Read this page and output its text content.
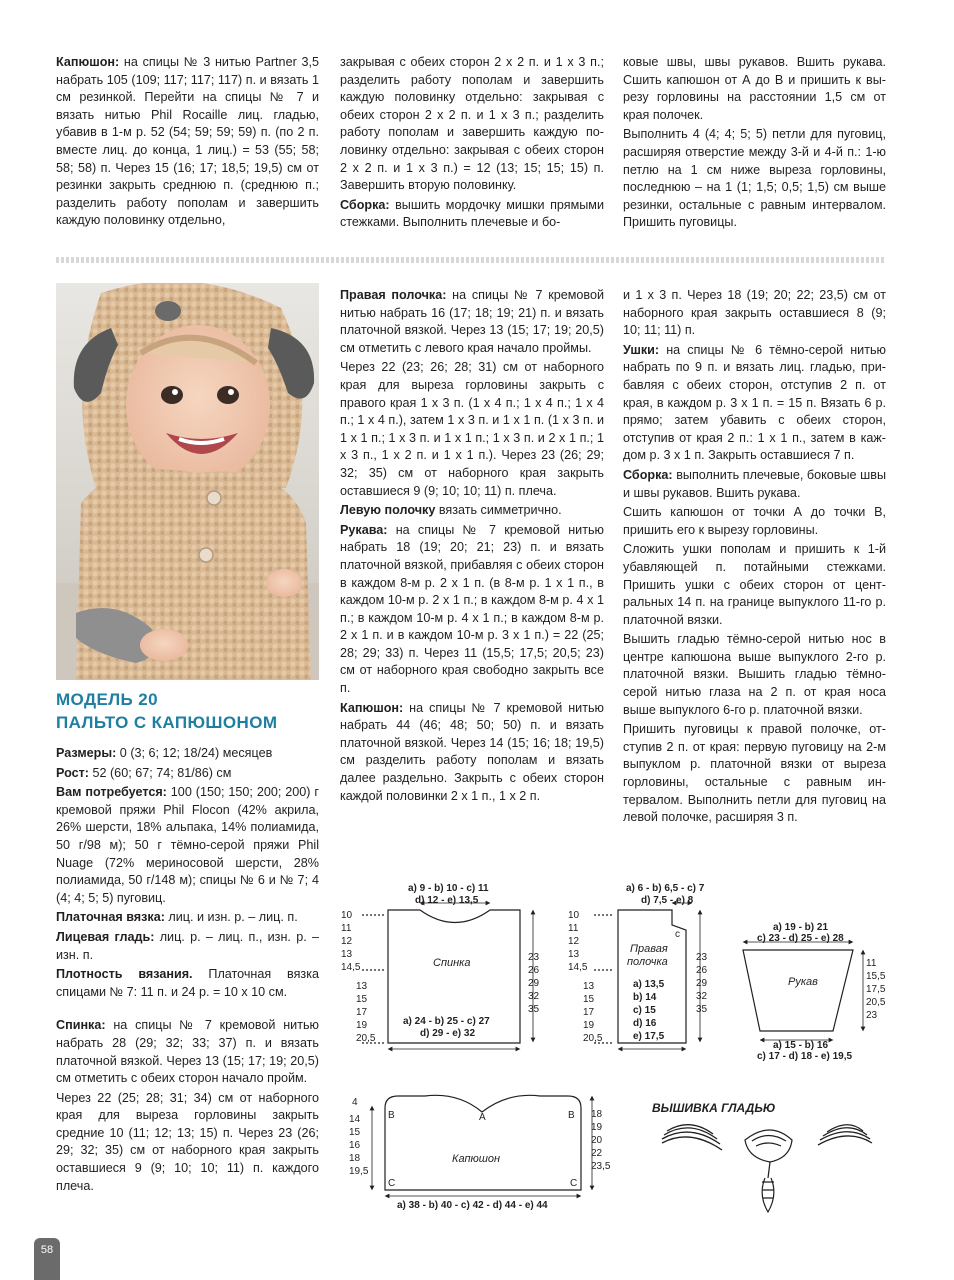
Капюшон: на спицы № 3 нитью Partner 3,5 набрать 105 (109; 117; 117; 117) п. и вязать 1 см резинкой. Перейти на спицы № 7 и вязать нитью Phil Rocaille лиц. гладью, убавив в 1-м р. 52 (54; 59; 59; 59) п. (по 2 п. вместе лиц. до конца, 1 лиц.) = 53 (55; 58; 58; 58) п. Через 15 (16; 17; 18,5; 19,5) см от резинки закрыть среднюю п. (среднюю п.; разделить работу пополам и завершить каждую половинку отдельно,

закрывая с обеих сторон 2 х 2 п. и 1 х 3 п.; разделить работу пополам и завершить каждую половинку отдельно: закрывая с обеих сторон 2 х 2 п. и 1 х 3 п.; разделить работу пополам и завершить каждую половинку отдельно: закрывая с обеих сторон 2 х 2 п. и 1 х 3 п.) = 12 (13; 15; 15; 15) п. Завершить вторую половинку.

Сборка: вышить мордочку мишки прямыми стежками. Выполнить плечевые и бо-

ковые швы, швы рукавов. Вшить рукава. Сшить капюшон от А до В и пришить к вырезу горловины на расстоянии 1,5 см от края полочек.

Выполнить 4 (4; 4; 5; 5) петли для пуговиц, расширяя отверстие между 3-й и 4-й п.: 1-ю петлю на 1 см ниже выреза горловины, последнюю – на 1 (1; 1,5; 0,5; 1,5) см выше резинки, остальные с равным интервалом. Пришить пуговицы.

МОДЕЛЬ 20
ПАЛЬТО С КАПЮШОНОМ

Размеры: 0 (3; 6; 12; 18/24) месяцев

Рост: 52 (60; 67; 74; 81/86) см

Вам потребуется: 100 (150; 150; 200; 200) г кремовой пряжи Phil Flocon (42% акрила, 26% шерсти, 18% альпака, 14% полиамида, 50 г/98 м); 50 г тёмно-серой пряжи Phil Nuage (72% мериносовой шерсти, 28% полиамида, 50 г/148 м); спицы № 6 и № 7; 4 (4; 4; 5; 5) пуговиц.

Платочная вязка: лиц. и изн. р. – лиц. п.

Лицевая гладь: лиц. р. – лиц. п., изн. р. – изн. п.

Плотность вязания. Платочная вязка спицами № 7: 11 п. и 24 р. = 10 х 10 см.

Спинка: на спицы № 7 кремовой нитью набрать 28 (29; 32; 33; 37) п. и вязать платочной вязкой. Через 13 (15; 17; 19; 20,5) см отметить с обеих сторон начало пройм.

Через 22 (25; 28; 31; 34) см от наборного края для выреза горловины закрыть средние 10 (11; 12; 13; 15) п. Через 23 (26; 29; 32; 35) см от наборного края закрыть оставшиеся 9 (9; 10; 10; 11) п. каждого плеча.

Правая полочка: на спицы № 7 кремовой нитью набрать 16 (17; 18; 19; 21) п. и вязать платочной вязкой. Через 13 (15; 17; 19; 20,5) см отметить с левого края начало проймы.

Через 22 (23; 26; 28; 31) см от наборного края для выреза горловины закрыть с правого края 1 х 3 п. (1 х 4 п.; 1 х 4 п.; 1 х 4 п.; 1 х 4 п.), затем 1 х 3 п. и 1 х 1 п. (1 х 3 п. и 1 х 1 п.; 1 х 3 п. и 1 х 1 п.; 1 х 3 п. и 2 х 1 п.; 1 х 3 п., 1 х 2 п. и 1 х 1 п.). Через 23 (26; 29; 32; 35) см от наборного края закрыть оставшиеся 9 (9; 10; 10; 11) п. плеча.

Левую полочку вязать симметрично.

Рукава: на спицы № 7 кремовой нитью набрать 18 (19; 20; 21; 23) п. и вязать платочной вязкой, прибавляя с обеих сторон в каждом 8-м р. 2 х 1 п. (в 8-м р. 1 х 1 п., в каждом 10-м р. 2 х 1 п.; в каждом 8-м р. 4 х 1 п.; в каждом 10-м р. 4 х 1 п.; в каждом 8-м р. 2 х 1 п. и в каждом 10-м р. 3 х 1 п.) = 22 (25; 28; 29; 33) п. Через 11 (15,5; 17,5; 20,5; 23) см от наборного края свободно закрыть все п.

Капюшон: на спицы № 7 кремовой нитью набрать 44 (46; 48; 50; 50) п. и вязать платочной вязкой. Через 14 (15; 16; 18; 19,5) см разделить работу пополам и вязать далее раздельно. Закрыть с обеих сторон каждой половинки 2 х 1 п., 1 х 2 п.

и 1 х 3 п. Через 18 (19; 20; 22; 23,5) см от наборного края закрыть оставшиеся 8 (9; 10; 11; 11) п.

Ушки: на спицы № 6 тёмно-серой нитью набрать по 9 п. и вязать лиц. гладью, прибавляя с обеих сторон, отступив 2 п. от края, в каждом р. 3 х 1 п. = 15 п. Вязать 6 р. прямо; затем убавить с обеих сторон, отступив от края 2 п.: 1 х 1 п., затем в каждом р. 3 х 1 п. Закрыть оставшиеся 7 п.

Сборка: выполнить плечевые, боковые швы и швы рукавов. Вшить рукава.

Сшить капюшон от точки А до точки В, пришить его к вырезу горловины.

Сложить ушки пополам и пришить к 1-й убавляющей п. потайными стежками. Пришить ушки с обеих сторон от центральных 14 п. на границе выпуклого 11-го р. платочной вязки.

Вышить гладью тёмно-серой нитью нос в центре капюшона выше выпуклого 2-го р. платочной вязки. Вышить гладью тёмно-серой нитью глаза на 2 п. от края носа выше выпуклого 6-го р. платочной вязки.

Пришить пуговицы к правой полочке, отступив 2 п. от края: первую пуговицу на 2-м выпуклом р. платочной вязки от выреза горловины, остальные с равным интервалом. Выполнить петли для пуговиц на левой полочке, расширяя 3 п.

a) 9 - b) 10 - c) 11
d) 12 - e) 13,5
Спинка
a) 24 - b) 25 - c) 27
d) 29 - e) 32
10
11
12
13
14,5
13
15
17
19
20,5
23
26
29
32
35
a) 6 - b) 6,5 - c) 7
d) 7,5 - e) 8
c
Правая
полочка
a) 13,5
b) 14
c) 15
d) 16
e) 17,5
10
11
12
13
14,5
13
15
17
19
20,5
23
26
29
32
35
a) 19 - b) 21
c) 23 - d) 25 - e) 28
Рукав
a) 15 - b) 16
c) 17 - d) 18 - e) 19,5
11
15,5
17,5
20,5
23
B	B
A
C	C
Капюшон
a) 38 - b) 40 - c) 42 - d) 44 - e) 44
4
14
15
16
18
19,5
18
19
20
22
23,5
ВЫШИВКА ГЛАДЬЮ
58
